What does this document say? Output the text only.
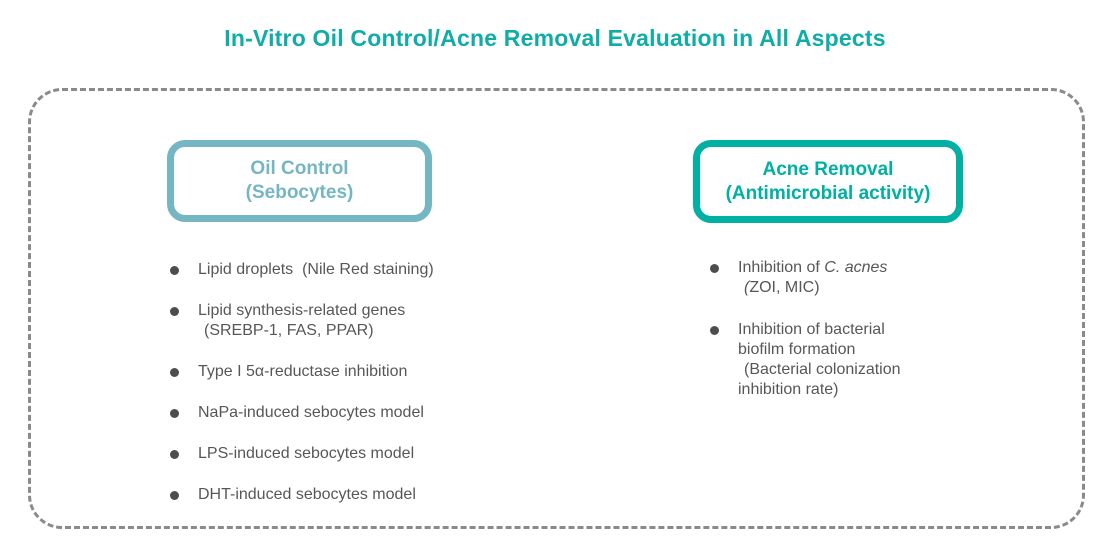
In-Vitro Oil Control/Acne Removal Evaluation in All Aspects
Oil Control
(Sebocytes)
Acne Removal
(Antimicrobial activity)
Lipid droplets  (Nile Red staining)
Lipid synthesis-related genes
(SREBP-1, FAS, PPAR)
Type I 5α-reductase inhibition
NaPa-induced sebocytes model
LPS-induced sebocytes model
DHT-induced sebocytes model
Inhibition of C. acnes
(ZOI, MIC)
Inhibition of bacterial
biofilm formation
(Bacterial colonization
inhibition rate)
